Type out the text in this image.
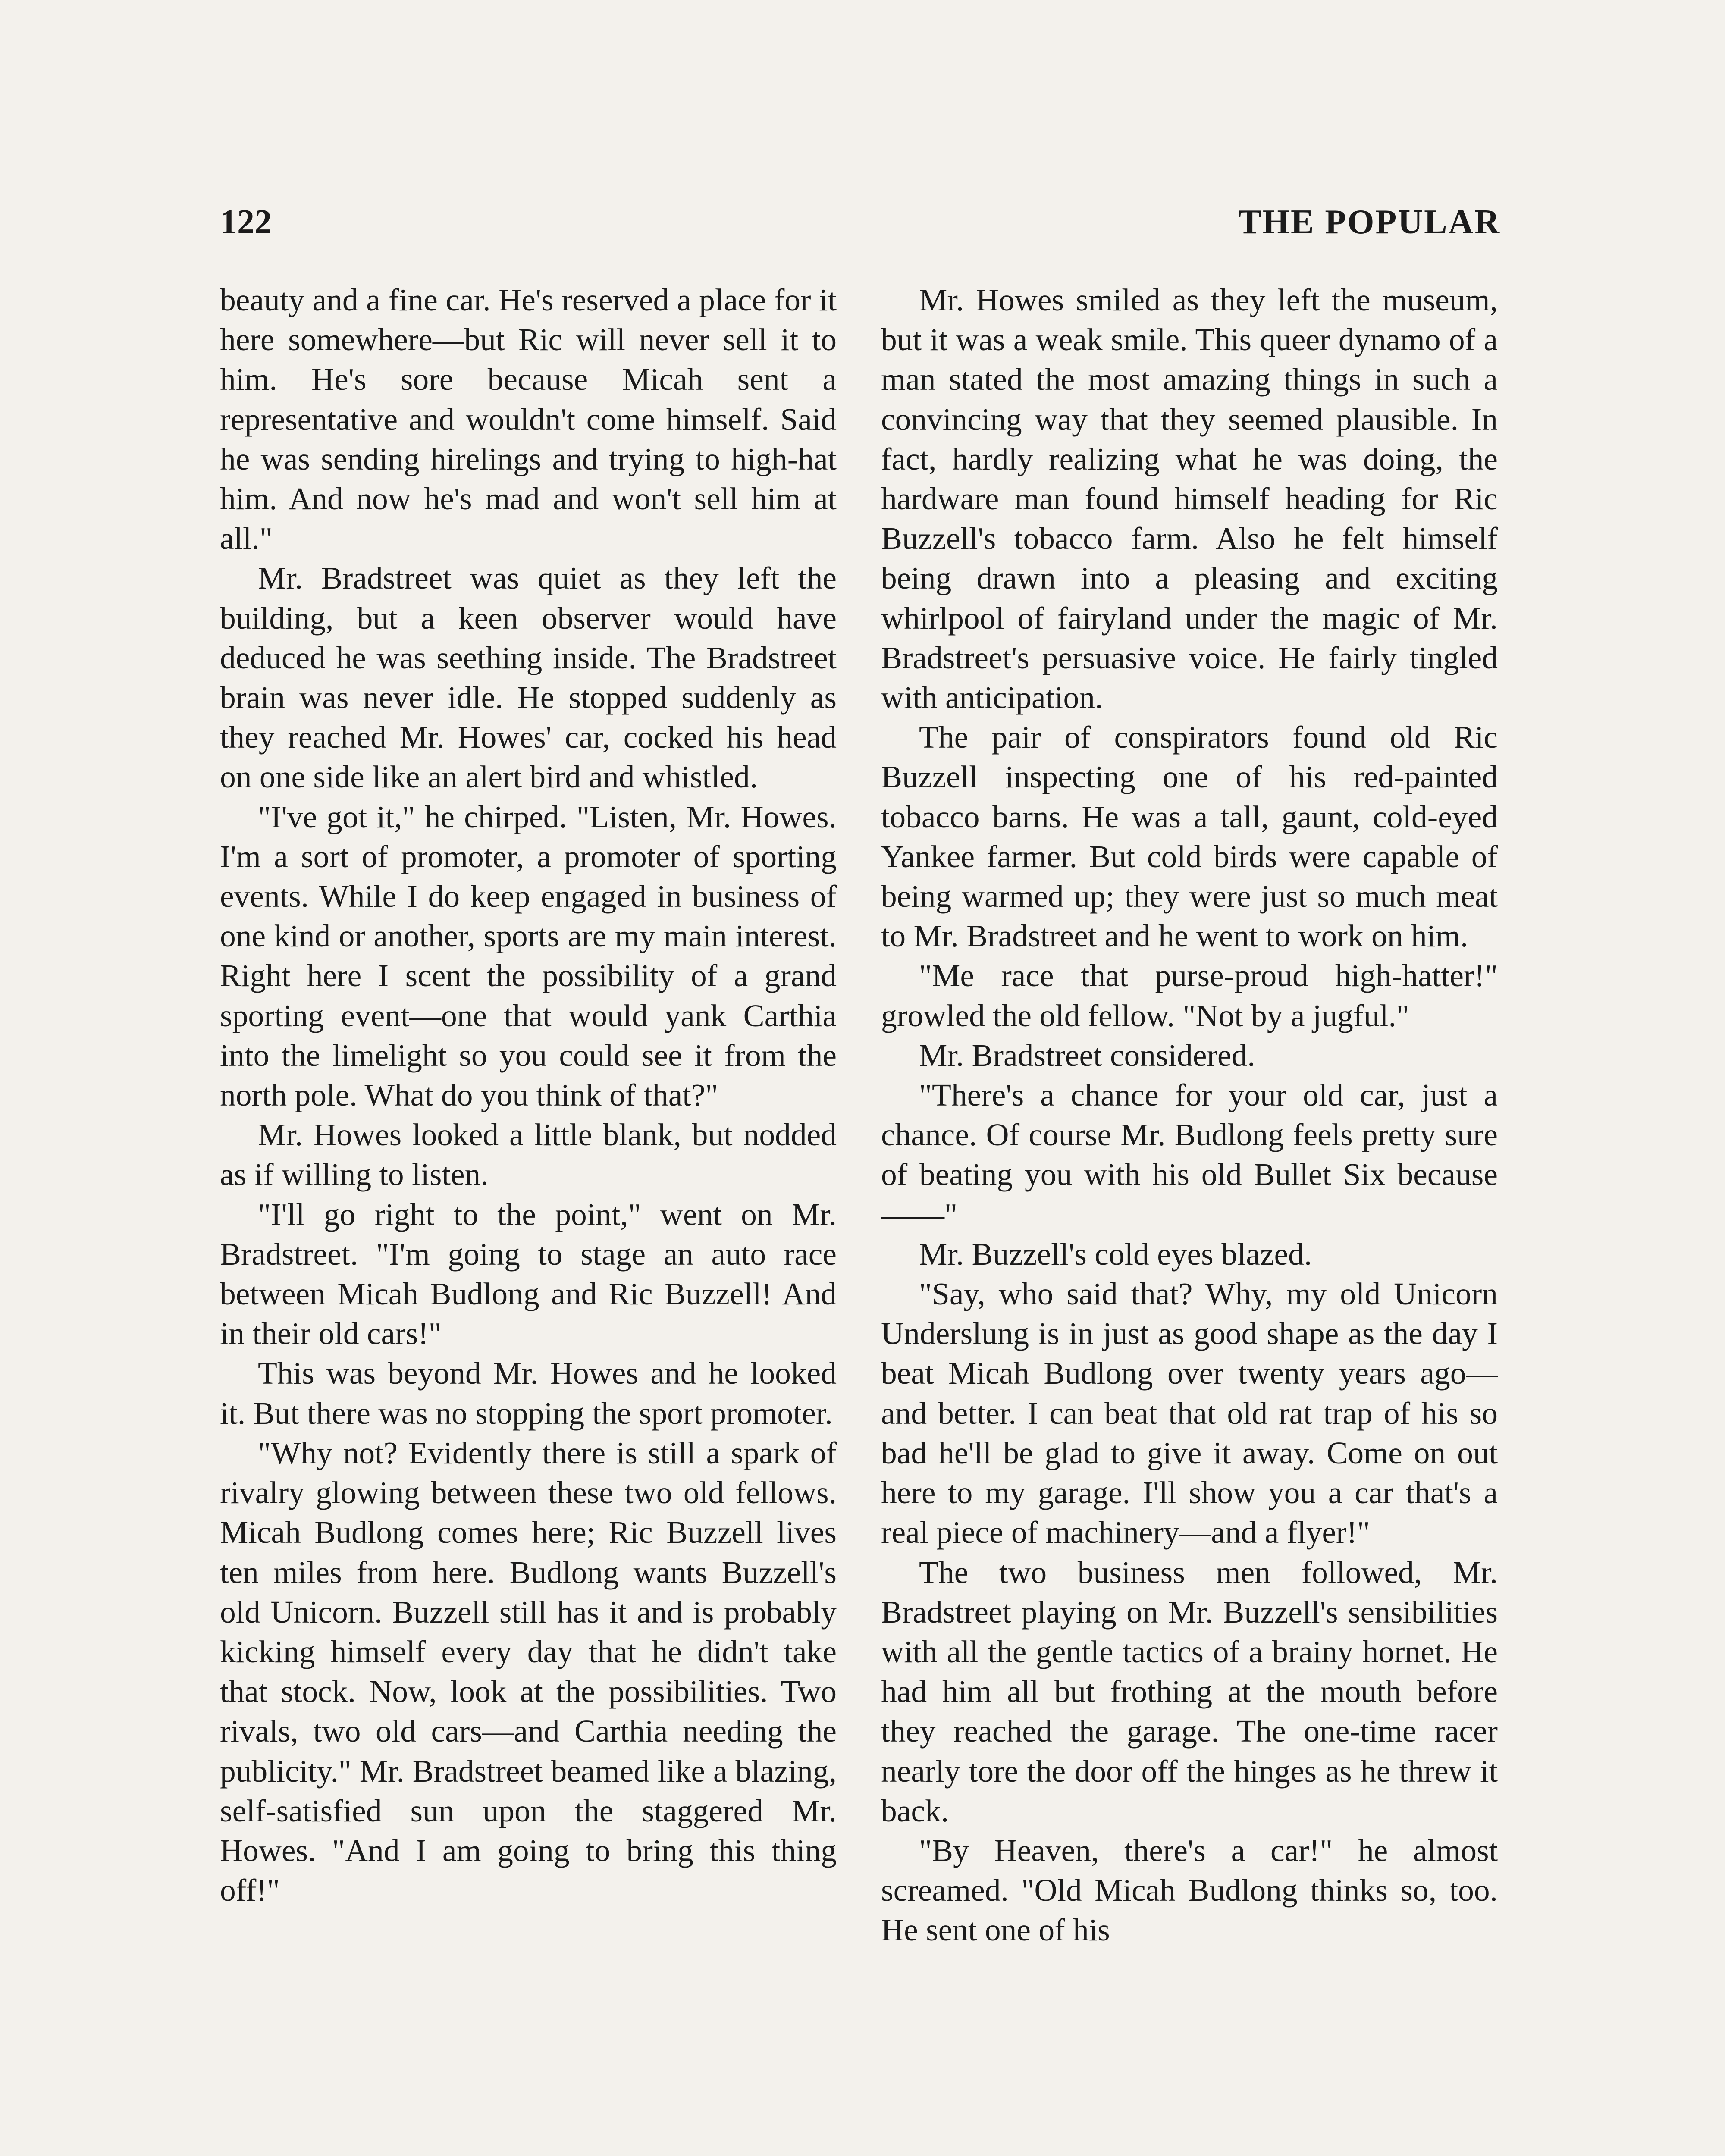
122	THE POPULAR

beauty and a fine car. He's reserved a place for it here somewhere—but Ric will never sell it to him. He's sore because Micah sent a representative and wouldn't come himself. Said he was sending hirelings and trying to high-hat him. And now he's mad and won't sell him at all."

Mr. Bradstreet was quiet as they left the building, but a keen observer would have deduced he was seething inside. The Bradstreet brain was never idle. He stopped suddenly as they reached Mr. Howes' car, cocked his head on one side like an alert bird and whistled.

"I've got it," he chirped. "Listen, Mr. Howes. I'm a sort of promoter, a promoter of sporting events. While I do keep engaged in business of one kind or another, sports are my main interest. Right here I scent the possibility of a grand sporting event—one that would yank Carthia into the limelight so you could see it from the north pole. What do you think of that?"

Mr. Howes looked a little blank, but nodded as if willing to listen.

"I'll go right to the point," went on Mr. Bradstreet. "I'm going to stage an auto race between Micah Budlong and Ric Buzzell! And in their old cars!"

This was beyond Mr. Howes and he looked it. But there was no stopping the sport promoter.

"Why not? Evidently there is still a spark of rivalry glowing between these two old fellows. Micah Budlong comes here; Ric Buzzell lives ten miles from here. Budlong wants Buzzell's old Unicorn. Buzzell still has it and is probably kicking himself every day that he didn't take that stock. Now, look at the possibilities. Two rivals, two old cars—and Carthia needing the publicity." Mr. Bradstreet beamed like a blazing, self-satisfied sun upon the staggered Mr. Howes. "And I am going to bring this thing off!"

Mr. Howes smiled as they left the museum, but it was a weak smile. This queer dynamo of a man stated the most amazing things in such a convincing way that they seemed plausible. In fact, hardly realizing what he was doing, the hardware man found himself heading for Ric Buzzell's tobacco farm. Also he felt himself being drawn into a pleasing and exciting whirlpool of fairyland under the magic of Mr. Bradstreet's persuasive voice. He fairly tingled with anticipation.

The pair of conspirators found old Ric Buzzell inspecting one of his red-painted tobacco barns. He was a tall, gaunt, cold-eyed Yankee farmer. But cold birds were capable of being warmed up; they were just so much meat to Mr. Bradstreet and he went to work on him.

"Me race that purse-proud high-hatter!" growled the old fellow. "Not by a jugful."

Mr. Bradstreet considered.

"There's a chance for your old car, just a chance. Of course Mr. Budlong feels pretty sure of beating you with his old Bullet Six because——"

Mr. Buzzell's cold eyes blazed.

"Say, who said that? Why, my old Unicorn Underslung is in just as good shape as the day I beat Micah Budlong over twenty years ago—and better. I can beat that old rat trap of his so bad he'll be glad to give it away. Come on out here to my garage. I'll show you a car that's a real piece of machinery—and a flyer!"

The two business men followed, Mr. Bradstreet playing on Mr. Buzzell's sensibilities with all the gentle tactics of a brainy hornet. He had him all but frothing at the mouth before they reached the garage. The one-time racer nearly tore the door off the hinges as he threw it back.

"By Heaven, there's a car!" he almost screamed. "Old Micah Budlong thinks so, too. He sent one of his
